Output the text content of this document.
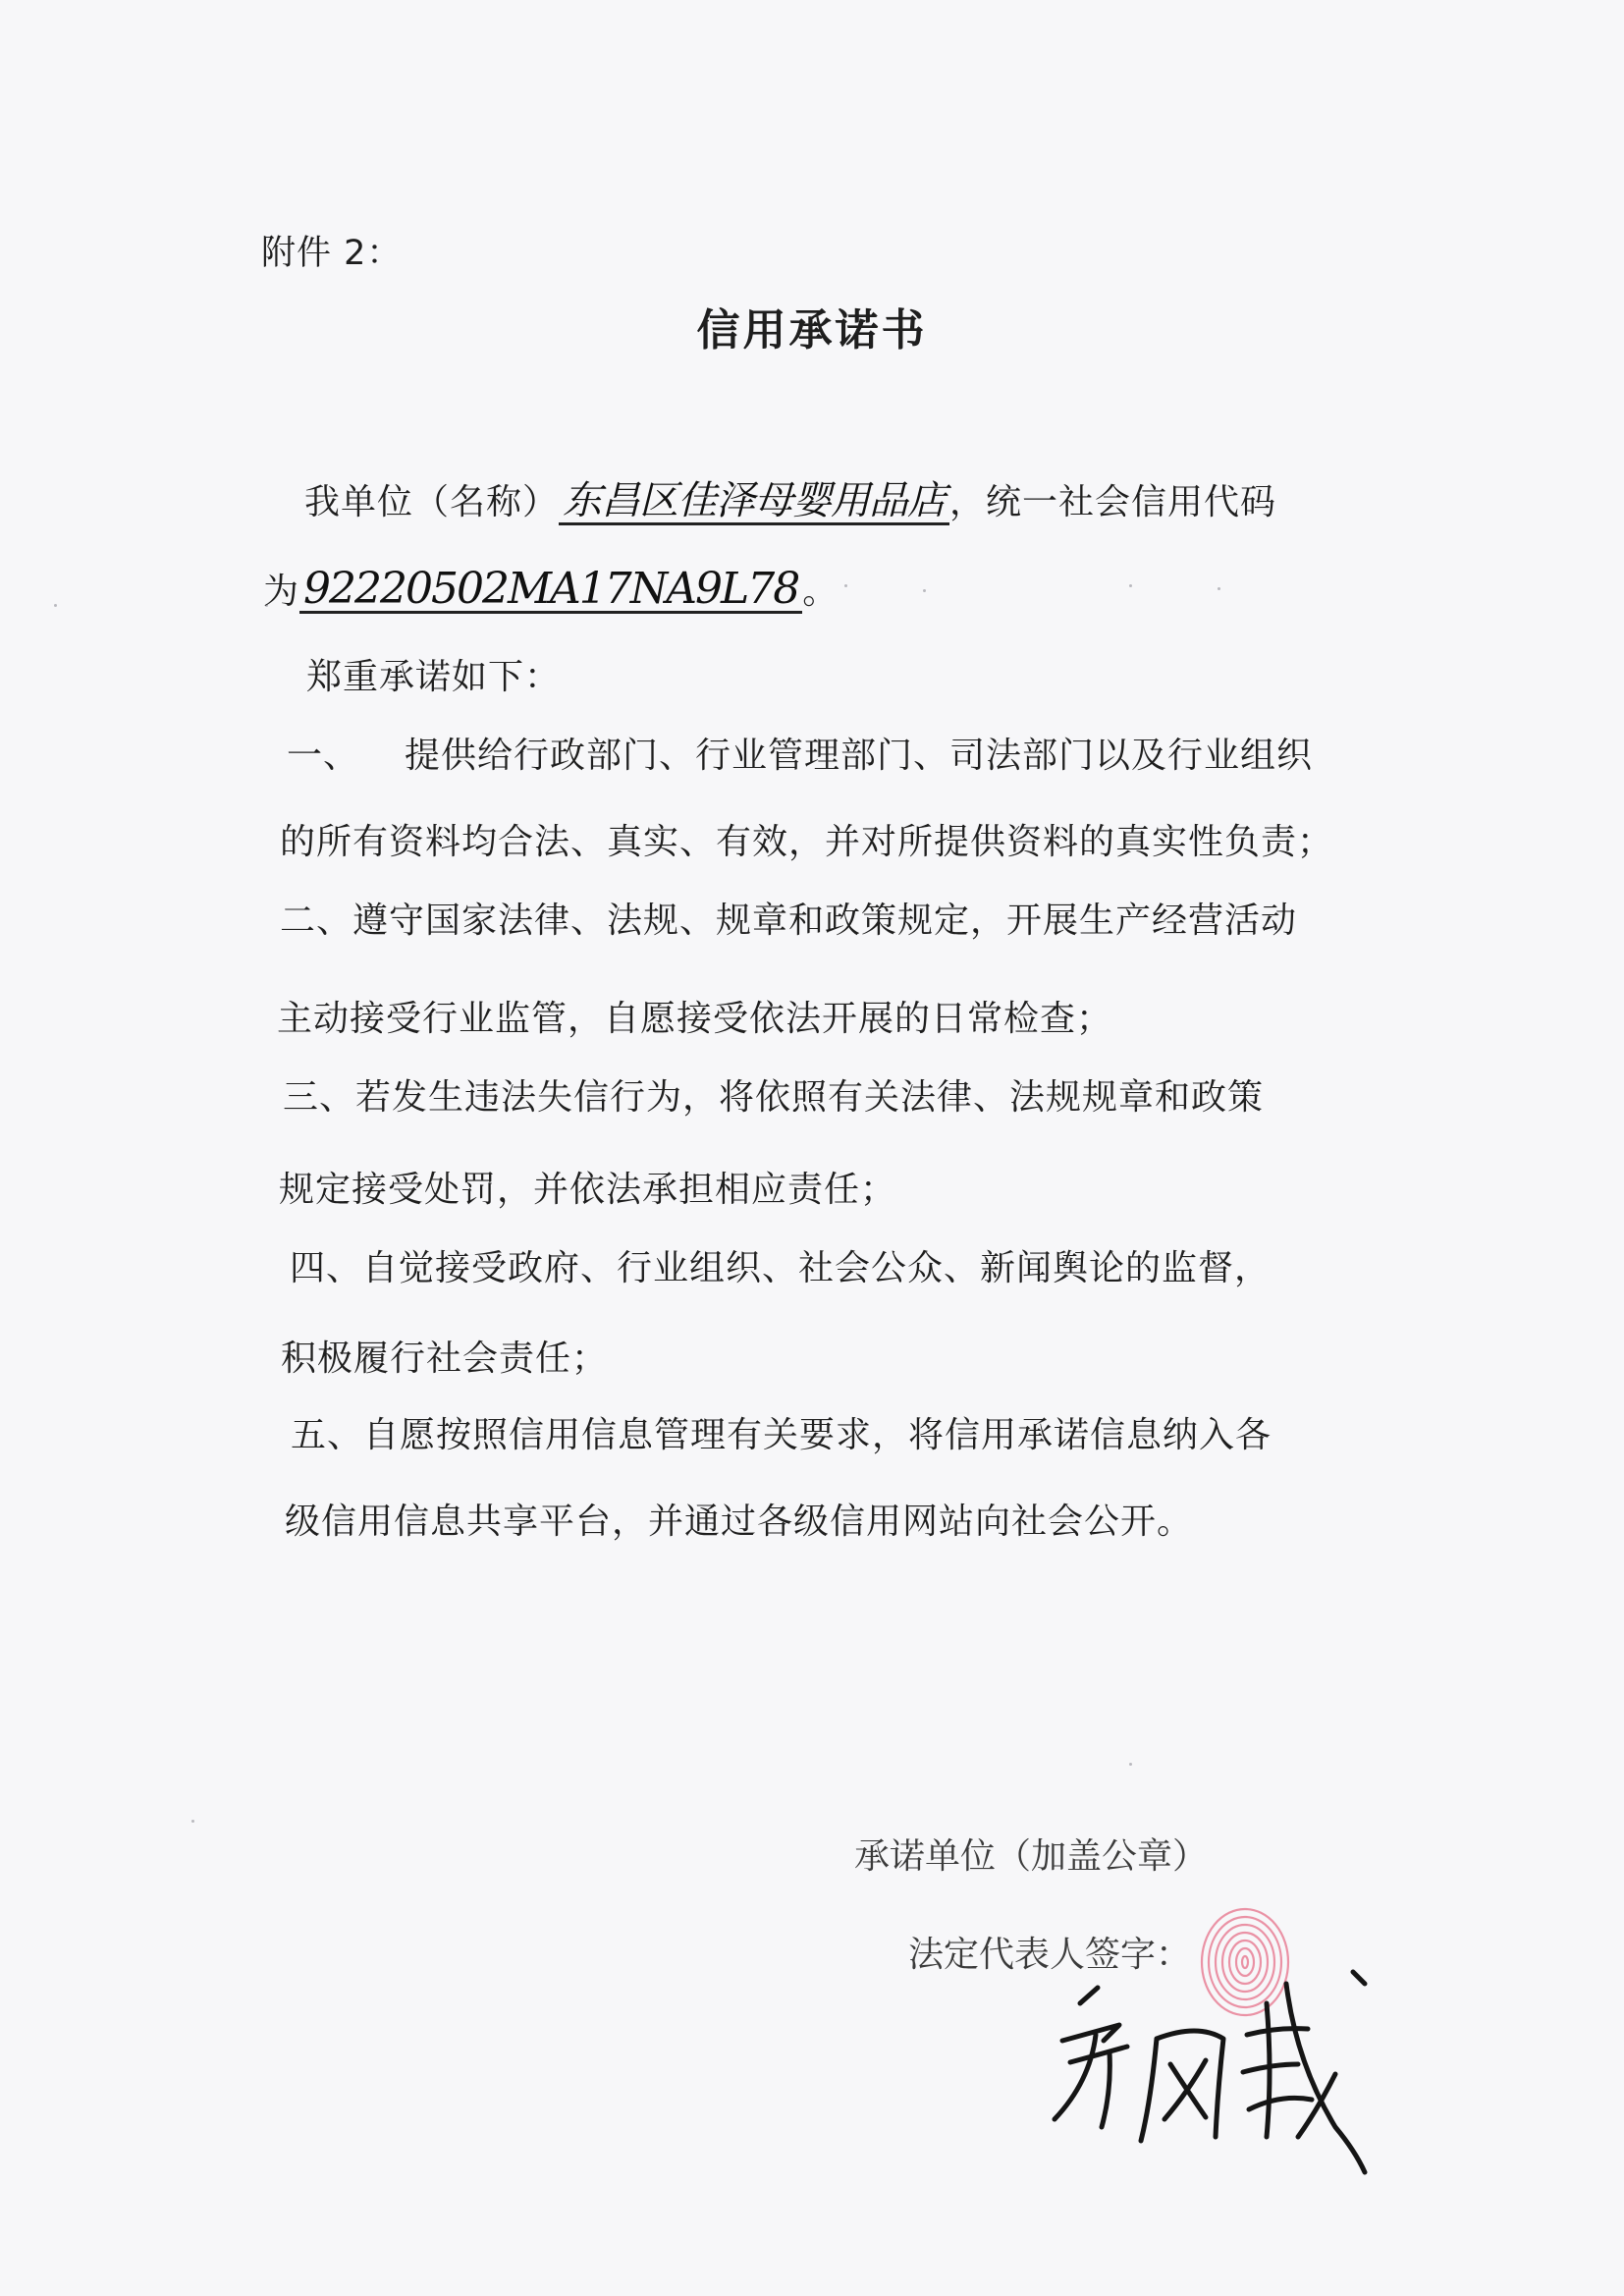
附件 2：
信用承诺书
我单位（名称） 东昌区佳泽母婴用品店 ，统一社会信用代码
为92220502MA17NA9L78 。
郑重承诺如下：
一、 提供给行政部门、行业管理部门、司法部门以及行业组织
的所有资料均合法、真实、有效，并对所提供资料的真实性负责；
二、遵守国家法律、法规、规章和政策规定，开展生产经营活动
主动接受行业监管，自愿接受依法开展的日常检查；
三、若发生违法失信行为，将依照有关法律、法规规章和政策
规定接受处罚，并依法承担相应责任；
四、自觉接受政府、行业组织、社会公众、新闻舆论的监督，
积极履行社会责任；
五、自愿按照信用信息管理有关要求，将信用承诺信息纳入各
级信用信息共享平台，并通过各级信用网站向社会公开。
承诺单位（加盖公章）
法定代表人签字：
